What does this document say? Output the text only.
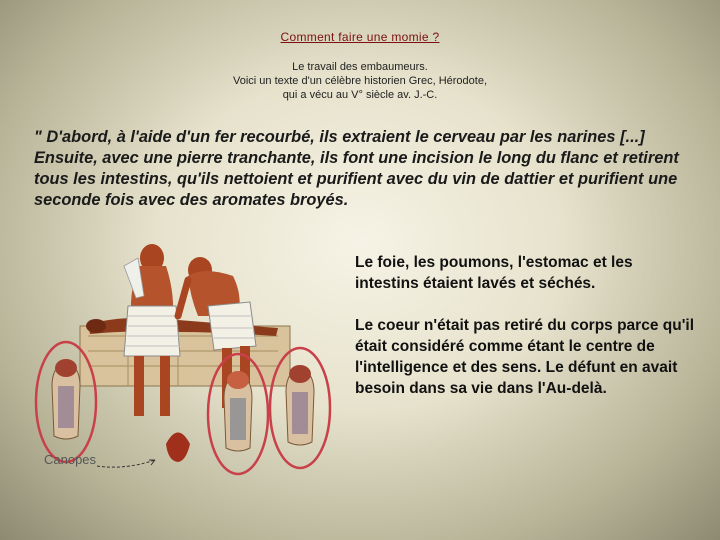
Comment faire une momie ?
Le travail des embaumeurs.
Voici un texte d'un célèbre historien Grec, Hérodote,
qui a vécu au V° siècle av. J.-C.

" D'abord, à l'aide d'un fer recourbé, ils extraient le cerveau par les narines [...] Ensuite, avec une pierre tranchante, ils font une incision le long du flanc et retirent tous les intestins, qu'ils nettoient et purifient avec du vin de dattier et purifient une seconde fois avec des aromates broyés.

Canopes

Le foie, les poumons, l'estomac et les intestins étaient lavés et séchés.

Le coeur n'était pas retiré du corps parce qu'il était considéré comme étant le centre de l'intelligence et des sens. Le défunt en avait besoin dans sa vie dans l'Au-delà.
